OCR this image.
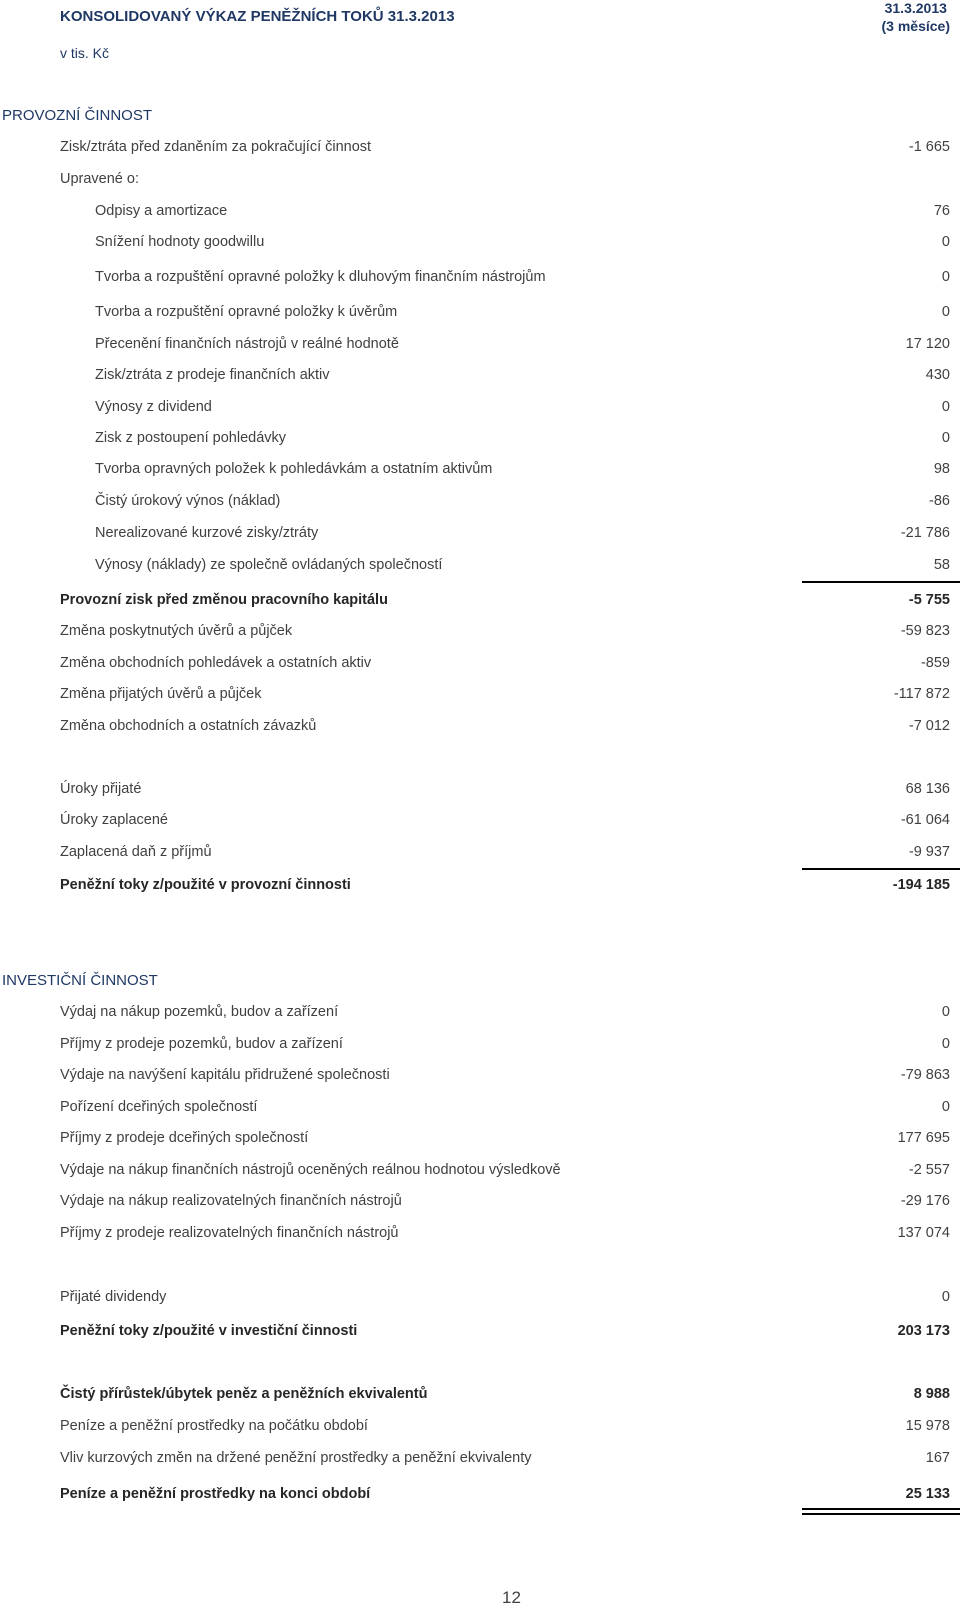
KONSOLIDOVANÝ VÝKAZ PENĚŽNÍCH TOKŮ 31.3.2013
v tis. Kč
31.3.2013
(3 měsíce)
PROVOZNÍ ČINNOST
Zisk/ztráta před zdaněním za pokračující činnost	-1 665
Upravené o:
Odpisy a amortizace	76
Snížení hodnoty goodwillu	0
Tvorba a rozpuštění opravné položky k dluhovým finančním nástrojům	0
Tvorba a rozpuštění opravné položky k úvěrům	0
Přecenění finančních nástrojů v reálné hodnotě	17 120
Zisk/ztráta z prodeje finančních aktiv	430
Výnosy z dividend	0
Zisk z postoupení pohledávky	0
Tvorba opravných položek k pohledávkám a ostatním aktivům	98
Čistý úrokový výnos (náklad)	-86
Nerealizované kurzové zisky/ztráty	-21 786
Výnosy (náklady) ze společně ovládaných společností	58
Provozní zisk před změnou pracovního kapitálu	-5 755
Změna poskytnutých úvěrů a půjček	-59 823
Změna obchodních pohledávek a ostatních aktiv	-859
Změna přijatých úvěrů a půjček	-117 872
Změna obchodních a ostatních závazků	-7 012
Úroky přijaté	68 136
Úroky zaplacené	-61 064
Zaplacená daň z příjmů	-9 937
Peněžní toky z/použité v provozní činnosti	-194 185
INVESTIČNÍ ČINNOST
Výdaj na nákup pozemků, budov a zařízení	0
Příjmy z prodeje pozemků, budov a zařízení	0
Výdaje na navýšení kapitálu přidružené společnosti	-79 863
Pořízení dceřiných společností	0
Příjmy z prodeje dceřiných společností	177 695
Výdaje na nákup finančních nástrojů oceněných reálnou hodnotou výsledkově	-2 557
Výdaje na nákup realizovatelných finančních nástrojů	-29 176
Příjmy z prodeje realizovatelných finančních nástrojů	137 074
Přijaté dividendy	0
Peněžní toky z/použité v investiční činnosti	203 173
Čistý přírůstek/úbytek peněz a peněžních ekvivalentů	8 988
Peníze a peněžní prostředky na počátku období	15 978
Vliv kurzových změn na držené peněžní prostředky a peněžní ekvivalenty	167
Peníze a peněžní prostředky na konci období	25 133
12
